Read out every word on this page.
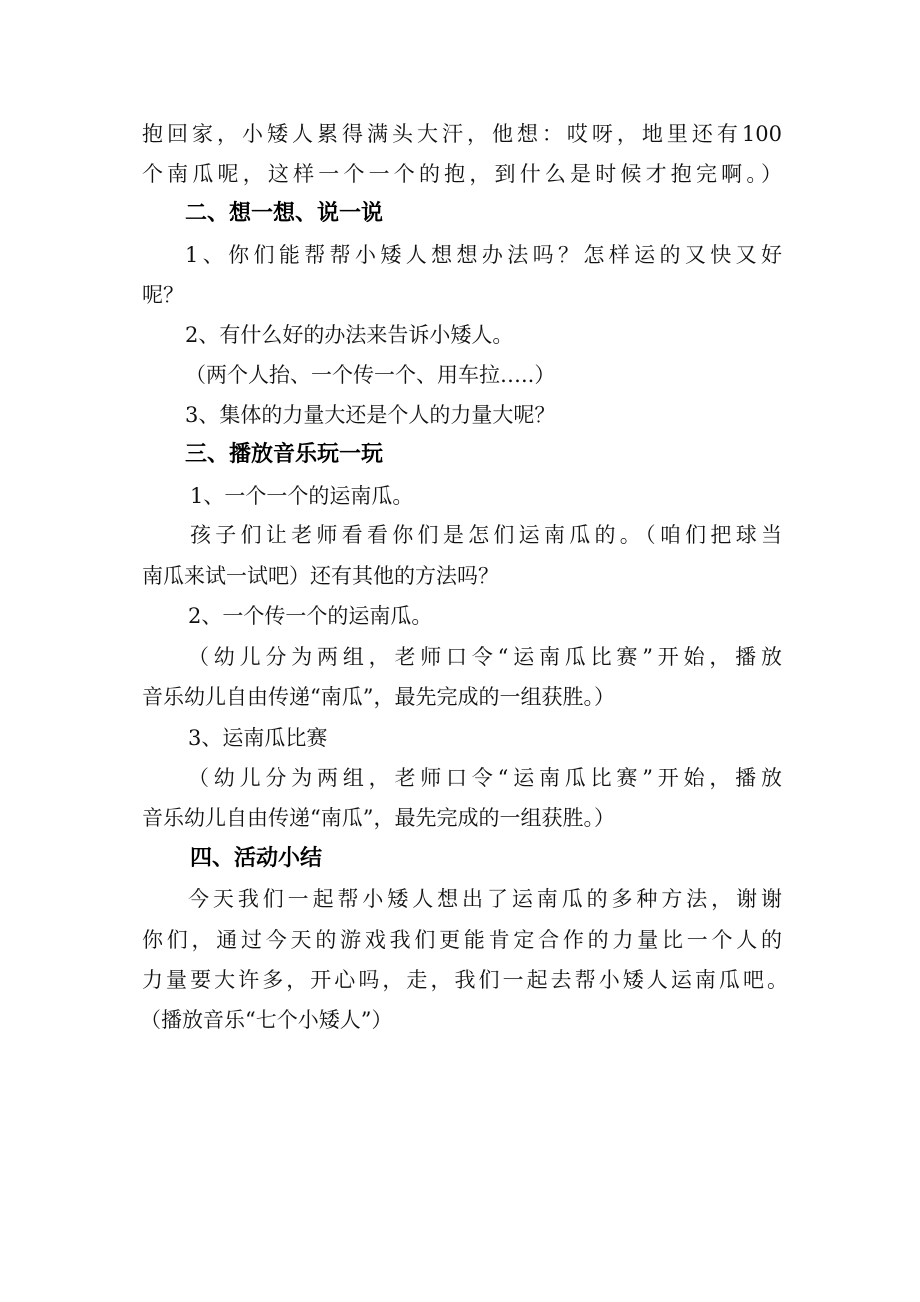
抱回家，小矮人累得满头大汗，他想：哎呀，地里还有100
个南瓜呢，这样一个一个的抱，到什么是时候才抱完啊。）
二、想一想、说一说
1、你们能帮帮小矮人想想办法吗？怎样运的又快又好
呢？
2、有什么好的办法来告诉小矮人。
（两个人抬、一个传一个、用车拉…..）
3、集体的力量大还是个人的力量大呢？
三、播放音乐玩一玩
1、一个一个的运南瓜。
孩子们让老师看看你们是怎们运南瓜的。（咱们把球当
南瓜来试一试吧）还有其他的方法吗？
2、一个传一个的运南瓜。
（幼儿分为两组，老师口令“运南瓜比赛”开始，播放
音乐幼儿自由传递“南瓜”，最先完成的一组获胜。）
3、运南瓜比赛
（幼儿分为两组，老师口令“运南瓜比赛”开始，播放
音乐幼儿自由传递“南瓜”，最先完成的一组获胜。）
四、活动小结
今天我们一起帮小矮人想出了运南瓜的多种方法，谢谢
你们，通过今天的游戏我们更能肯定合作的力量比一个人的
力量要大许多，开心吗，走，我们一起去帮小矮人运南瓜吧。
（播放音乐“七个小矮人”）
